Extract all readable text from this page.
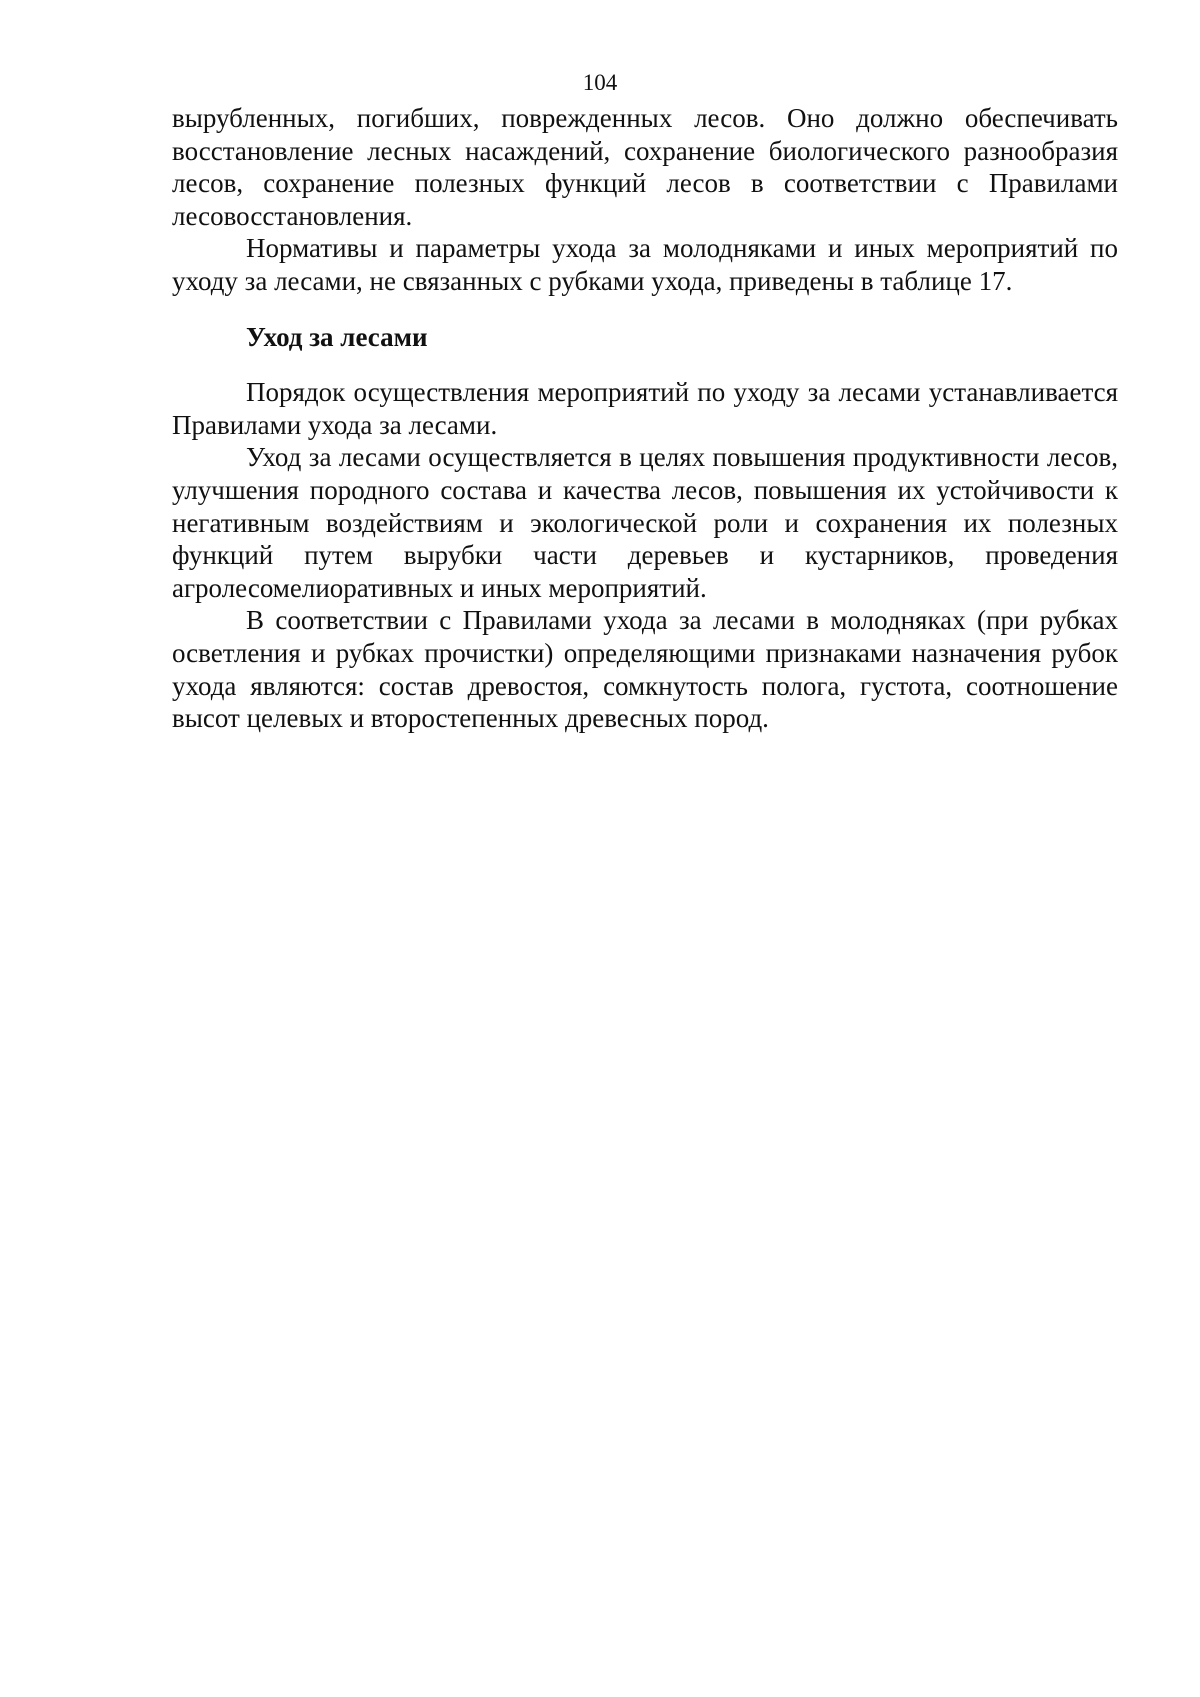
104

вырубленных, погибших, поврежденных лесов. Оно должно обеспечивать восстановление лесных насаждений, сохранение биологического разнообразия лесов, сохранение полезных функций лесов в соответствии с Правилами лесовосстановления.

Нормативы и параметры ухода за молодняками и иных мероприятий по уходу за лесами, не связанных с рубками ухода, приведены в таблице 17.

Уход за лесами

Порядок осуществления мероприятий по уходу за лесами устанавливается Правилами ухода за лесами.

Уход за лесами осуществляется в целях повышения продуктивности лесов, улучшения породного состава и качества лесов, повышения их устойчивости к негативным воздействиям и экологической роли и сохранения их полезных функций путем вырубки части деревьев и кустарников, проведения агролесомелиоративных и иных мероприятий.

В соответствии с Правилами ухода за лесами в молодняках (при рубках осветления и рубках прочистки) определяющими признаками назначения рубок ухода являются: состав древостоя, сомкнутость полога, густота, соотношение высот целевых и второстепенных древесных пород.
